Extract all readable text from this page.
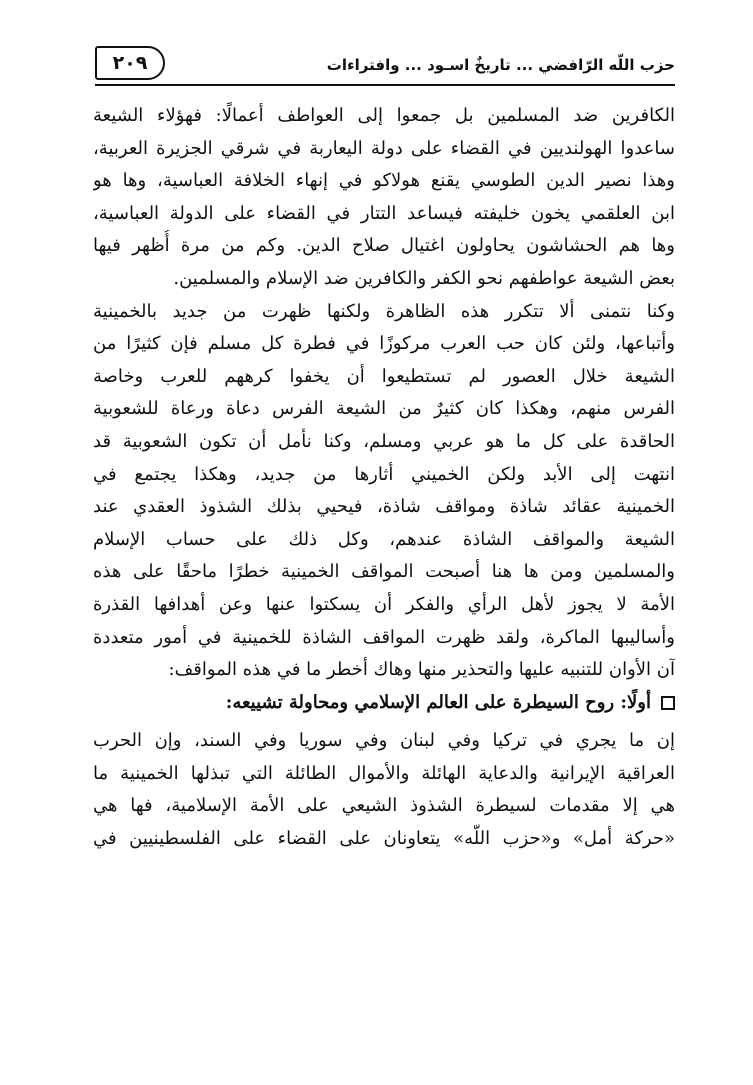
حزب اللّه الرّافضي ... تاريخٌ اسـود ... وافتراءات
٢٠٩
الكافرين ضد المسلمين بل جمعوا إلى العواطف أعمالًا: فهؤلاء الشيعة
ساعدوا الهولنديين في القضاء على دولة اليعاربة في شرقي الجزيرة العربية،
وهذا نصير الدين الطوسي يقنع هولاكو في إنهاء الخلافة العباسية، وها هو
ابن العلقمي يخون خليفته فيساعد التتار في القضاء على الدولة العباسية،
وها هم الحشاشون يحاولون اغتيال صلاح الدين. وكم من مرة أُظهر فيها
بعض الشيعة عواطفهم نحو الكفر والكافرين ضد الإسلام والمسلمين.
وكنا نتمنى ألا تتكرر هذه الظاهرة ولكنها ظهرت من جديد بالخمينية
وأتباعها، ولئن كان حب العرب مركوزًا في فطرة كل مسلم فإن كثيرًا من
الشيعة خلال العصور لم تستطيعوا أن يخفوا كرههم للعرب وخاصة
الفرس منهم، وهكذا كان كثيرٌ من الشيعة الفرس دعاة ورعاة للشعوبية
الحاقدة على كل ما هو عربي ومسلم، وكنا نأمل أن تكون الشعوبية قد
انتهت إلى الأبد ولكن الخميني أثارها من جديد، وهكذا يجتمع في
الخمينية عقائد شاذة ومواقف شاذة، فيحيي بذلك الشذوذ العقدي عند
الشيعة والمواقف الشاذة عندهم، وكل ذلك على حساب الإسلام
والمسلمين ومن ها هنا أصبحت المواقف الخمينية خطرًا ماحقًا على هذه
الأمة لا يجوز لأهل الرأي والفكر أن يسكتوا عنها وعن أهدافها القذرة
وأساليبها الماكرة، ولقد ظهرت المواقف الشاذة للخمينية في أمور متعددة
آن الأوان للتنبيه عليها والتحذير منها وهاك أخطر ما في هذه المواقف:
أولًا: روح السيطرة على العالم الإسلامي ومحاولة تشييعه:
إن ما يجري في تركيا وفي لبنان وفي سوريا وفي السند، وإن الحرب
العراقية الإيرانية والدعاية الهائلة والأموال الطائلة التي تبذلها الخمينية ما
هي إلا مقدمات لسيطرة الشذوذ الشيعي على الأمة الإسلامية، فها هي
«حركة أمل» و«حزب اللّه» يتعاونان على القضاء على الفلسطينيين في
